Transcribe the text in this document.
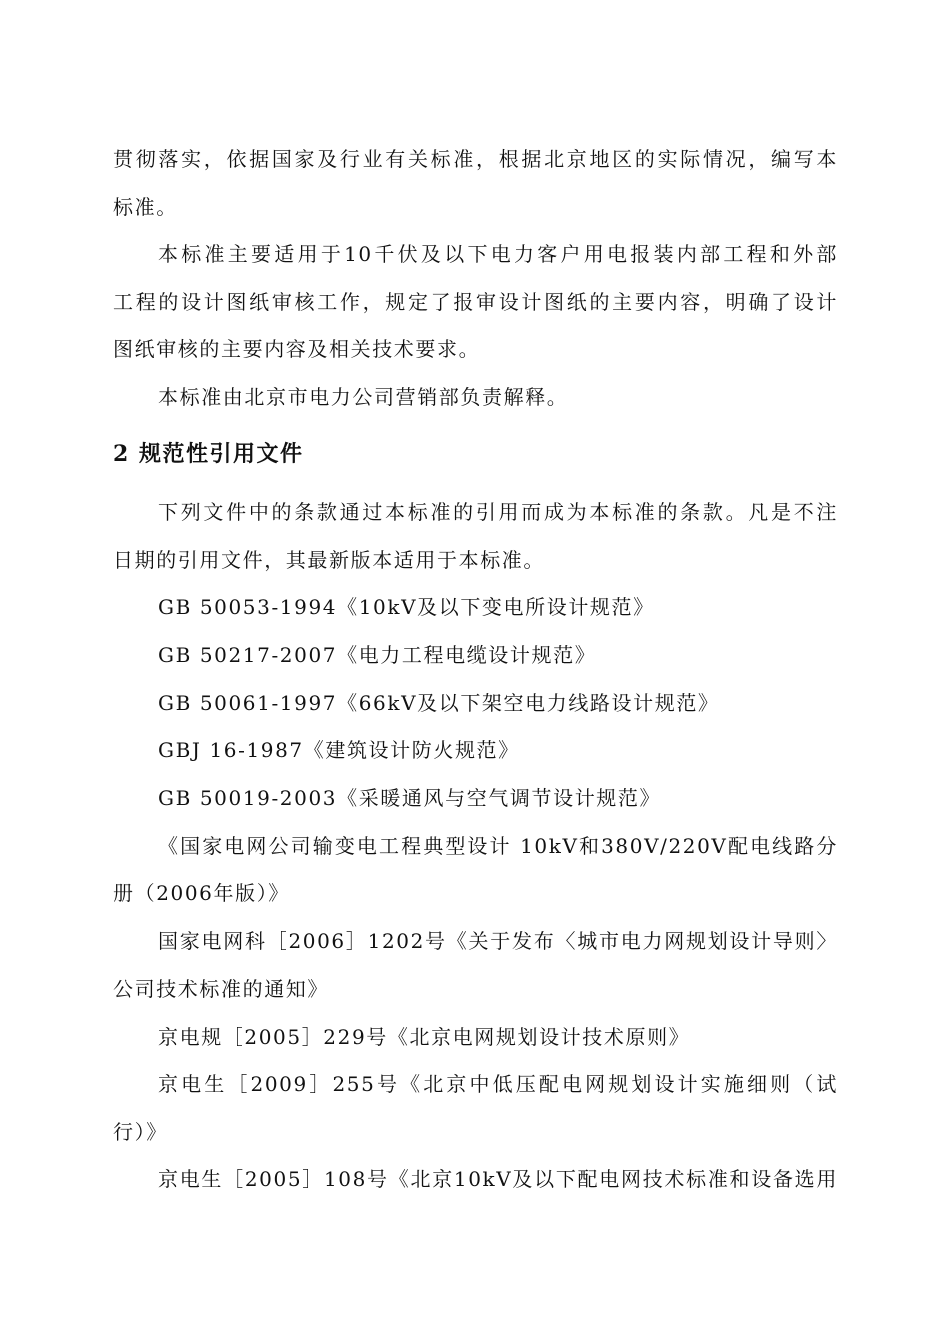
贯彻落实，依据国家及行业有关标准，根据北京地区的实际情况，编写本
标准。
本标准主要适用于10千伏及以下电力客户用电报装内部工程和外部
工程的设计图纸审核工作，规定了报审设计图纸的主要内容，明确了设计
图纸审核的主要内容及相关技术要求。
本标准由北京市电力公司营销部负责解释。
2 规范性引用文件
下列文件中的条款通过本标准的引用而成为本标准的条款。凡是不注
日期的引用文件，其最新版本适用于本标准。
GB 50053-1994《10kV及以下变电所设计规范》
GB 50217-2007《电力工程电缆设计规范》
GB 50061-1997《66kV及以下架空电力线路设计规范》
GBJ 16-1987《建筑设计防火规范》
GB 50019-2003《采暖通风与空气调节设计规范》
《国家电网公司输变电工程典型设计 10kV和380V/220V配电线路分
册（2006年版）》
国家电网科［2006］1202号《关于发布〈城市电力网规划设计导则〉
公司技术标准的通知》
京电规［2005］229号《北京电网规划设计技术原则》
京电生［2009］255号《北京中低压配电网规划设计实施细则（试
行）》
京电生［2005］108号《北京10kV及以下配电网技术标准和设备选用
